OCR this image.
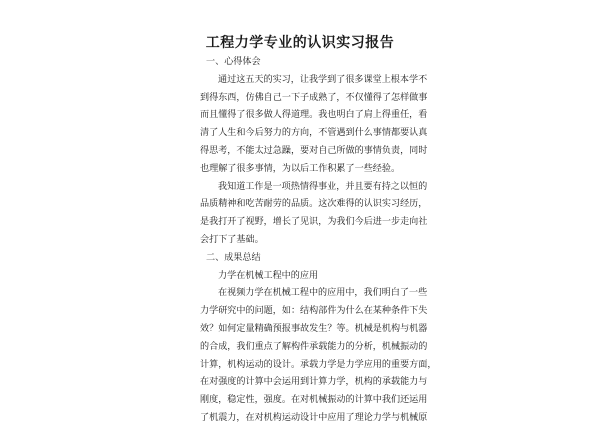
工程力学专业的认识实习报告
一、心得体会
通过这五天的实习，让我学到了很多课堂上根本学不
到得东西，仿佛自己一下子成熟了，不仅懂得了怎样做事
而且懂得了很多做人得道理。我也明白了肩上得重任，看
清了人生和今后努力的方向，不管遇到什么事情都要认真
得思考，不能太过急躁，要对自己所做的事情负责，同时
也理解了很多事情，为以后工作积累了一些经验。
我知道工作是一项热情得事业，并且要有持之以恒的
品质精神和吃苦耐劳的品质。这次难得的认识实习经历，
是我打开了视野，增长了见识，为我们今后进一步走向社
会打下了基础。
二、成果总结
力学在机械工程中的应用
在视频力学在机械工程中的应用中，我们明白了一些
力学研究中的问题，如：结构部件为什么在某种条件下失
效？如何定量精确预报事故发生？等。机械是机构与机器
的合成，我们重点了解构件承载能力的分析，机械振动的
计算，机构运动的设计。承载力学是力学应用的重要方面，
在对强度的计算中会运用到计算力学，机构的承载能力与
刚度，稳定性，强度。在对机械振动的计算中我们还运用
了机震力，在对机构运动设计中应用了理论力学与机械原
